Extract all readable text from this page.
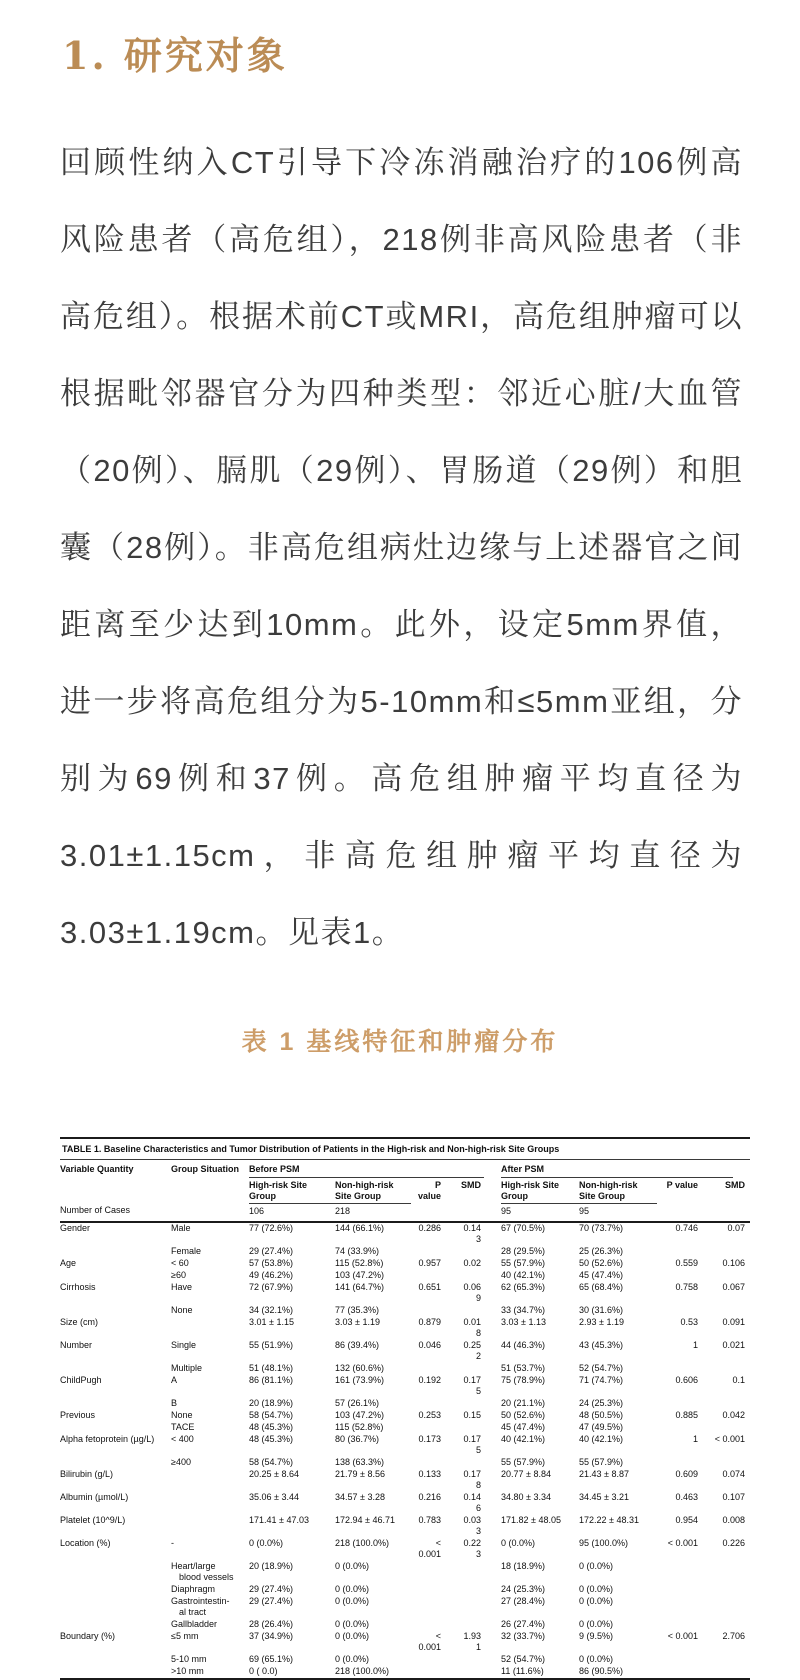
1. 研究对象

回顾性纳入CT引导下冷冻消融治疗的106例高风险患者（高危组），218例非高风险患者（非高危组）。根据术前CT或MRI，高危组肿瘤可以根据毗邻器官分为四种类型：邻近心脏/大血管（20例）、膈肌（29例）、胃肠道（29例）和胆囊（28例）。非高危组病灶边缘与上述器官之间距离至少达到10mm。此外，设定5mm界值，进一步将高危组分为5-10mm和≤5mm亚组，分别为69例和37例。高危组肿瘤平均直径为3.01±1.15cm，非高危组肿瘤平均直径为3.03±1.19cm。见表1。

表 1 基线特征和肿瘤分布
TABLE 1. Baseline Characteristics and Tumor Distribution of Patients in the High-risk and Non-high-risk Site Groups									
Variable Quantity	Group Situation	Before PSM				After PSM			

		High-risk Site Group	Non-high-risk Site Group	P value	SMD	High-risk Site Group	Non-high-risk Site Group	P value	SMD
Number of Cases		106	218			95	95		
Gender	Male	77 (72.6%)	144 (66.1%)	0.286	0.143	67 (70.5%)	70 (73.7%)	0.746	0.07
	Female	29 (27.4%)	74 (33.9%)			28 (29.5%)	25 (26.3%)		
Age	< 60	57 (53.8%)	115 (52.8%)	0.957	0.02	55 (57.9%)	50 (52.6%)	0.559	0.106
	≥60	49 (46.2%)	103 (47.2%)			40 (42.1%)	45 (47.4%)		
Cirrhosis	Have	72 (67.9%)	141 (64.7%)	0.651	0.069	62 (65.3%)	65 (68.4%)	0.758	0.067
	None	34 (32.1%)	77 (35.3%)			33 (34.7%)	30 (31.6%)		
Size (cm)		3.01 ± 1.15	3.03 ± 1.19	0.879	0.018	3.03 ± 1.13	2.93 ± 1.19	0.53	0.091
Number	Single	55 (51.9%)	86 (39.4%)	0.046	0.252	44 (46.3%)	43 (45.3%)	1	0.021
	Multiple	51 (48.1%)	132 (60.6%)			51 (53.7%)	52 (54.7%)		
ChildPugh	A	86 (81.1%)	161 (73.9%)	0.192	0.175	75 (78.9%)	71 (74.7%)	0.606	0.1
	B	20 (18.9%)	57 (26.1%)			20 (21.1%)	24 (25.3%)		
Previous	None	58 (54.7%)	103 (47.2%)	0.253	0.15	50 (52.6%)	48 (50.5%)	0.885	0.042
	TACE	48 (45.3%)	115 (52.8%)			45 (47.4%)	47 (49.5%)		
Alpha fetoprotein (µg/L)	< 400	48 (45.3%)	80 (36.7%)	0.173	0.175	40 (42.1%)	40 (42.1%)	1	< 0.001
	≥400	58 (54.7%)	138 (63.3%)			55 (57.9%)	55 (57.9%)		
Bilirubin (g/L)		20.25 ± 8.64	21.79 ± 8.56	0.133	0.178	20.77 ± 8.84	21.43 ± 8.87	0.609	0.074
Albumin (µmol/L)		35.06 ± 3.44	34.57 ± 3.28	0.216	0.146	34.80 ± 3.34	34.45 ± 3.21	0.463	0.107
Platelet (10^9/L)		171.41 ± 47.03	172.94 ± 46.71	0.783	0.033	171.82 ± 48.05	172.22 ± 48.31	0.954	0.008
Location (%)	-	0 (0.0%)	218 (100.0%)	< 0.001	0.223	0 (0.0%)	95 (100.0%)	< 0.001	0.226
	Heart/large blood vessels	20 (18.9%)	0 (0.0%)			18 (18.9%)	0 (0.0%)		
	Diaphragm	29 (27.4%)	0 (0.0%)			24 (25.3%)	0 (0.0%)		
	Gastrointestin-al tract	29 (27.4%)	0 (0.0%)			27 (28.4%)	0 (0.0%)		
	Gallbladder	28 (26.4%)	0 (0.0%)			26 (27.4%)	0 (0.0%)		
Boundary (%)	≤5 mm	37 (34.9%)	0 (0.0%)	< 0.001	1.931	32 (33.7%)	9 (9.5%)	< 0.001	2.706
	5-10 mm	69 (65.1%)	0 (0.0%)			52 (54.7%)	0 (0.0%)		
	>10 mm	0 ( 0.0)	218 (100.0%)			11 (11.6%)	86 (90.5%)		
